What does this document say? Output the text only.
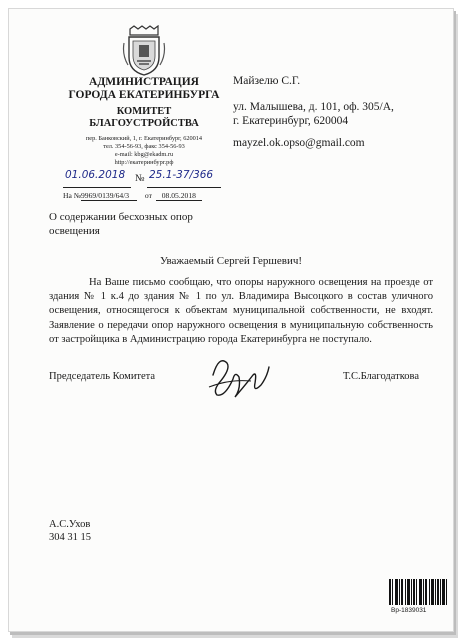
АДМИНИСТРАЦИЯ
ГОРОДА ЕКАТЕРИНБУРГА
КОМИТЕТ
БЛАГОУСТРОЙСТВА
пер. Банковский, 1, г. Екатеринбург, 620014
тел. 354-56-93, факс 354-56-93
e-mail: kbg@ekadm.ru
http://екатеринбург.рф
01.06.2018 № 25.1-37/366
На №9969/0139/64/3 от 08.05.2018
Майзелю С.Г.
ул. Малышева, д. 101, оф. 305/А,
г. Екатеринбург, 620004
mayzel.ok.opso@gmail.com
О содержании бесхозных опор
освещения
Уважаемый Сергей Гершевич!
На Ваше письмо сообщаю, что опоры наружного освещения на проезде от здания № 1 к.4 до здания № 1 по ул. Владимира Высоцкого в состав уличного освещения, относящегося к объектам муниципальной собственности, не входят. Заявление о передачи опор наружного освещения в муниципальную собственность от застройщика в Администрацию города Екатеринбурга не поступало.
Председатель Комитета	Т.С.Благодаткова
А.С.Ухов
304 31 15
Вр-1839031
